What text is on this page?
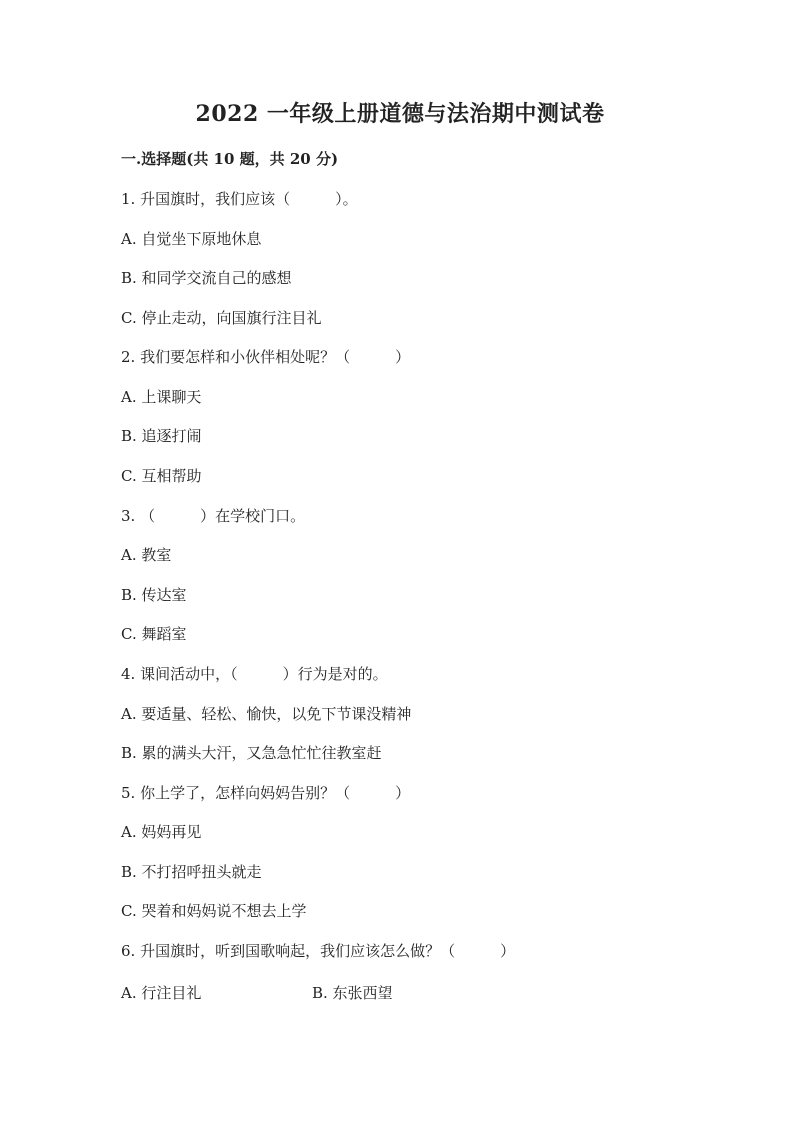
2022 一年级上册道德与法治期中测试卷
一.选择题(共 10 题，共 20 分)
1. 升国旗时，我们应该（　　　）。
A. 自觉坐下原地休息
B. 和同学交流自己的感想
C. 停止走动，向国旗行注目礼
2. 我们要怎样和小伙伴相处呢？（　　　）
A. 上课聊天
B. 追逐打闹
C. 互相帮助
3. （　　　）在学校门口。
A. 教室
B. 传达室
C. 舞蹈室
4. 课间活动中，（　　　）行为是对的。
A. 要适量、轻松、愉快，以免下节课没精神
B. 累的满头大汗，又急急忙忙往教室赶
5. 你上学了，怎样向妈妈告别？（　　　）
A. 妈妈再见
B. 不打招呼扭头就走
C. 哭着和妈妈说不想去上学
6. 升国旗时，听到国歌响起，我们应该怎么做？（　　　）
A. 行注目礼	B. 东张西望
